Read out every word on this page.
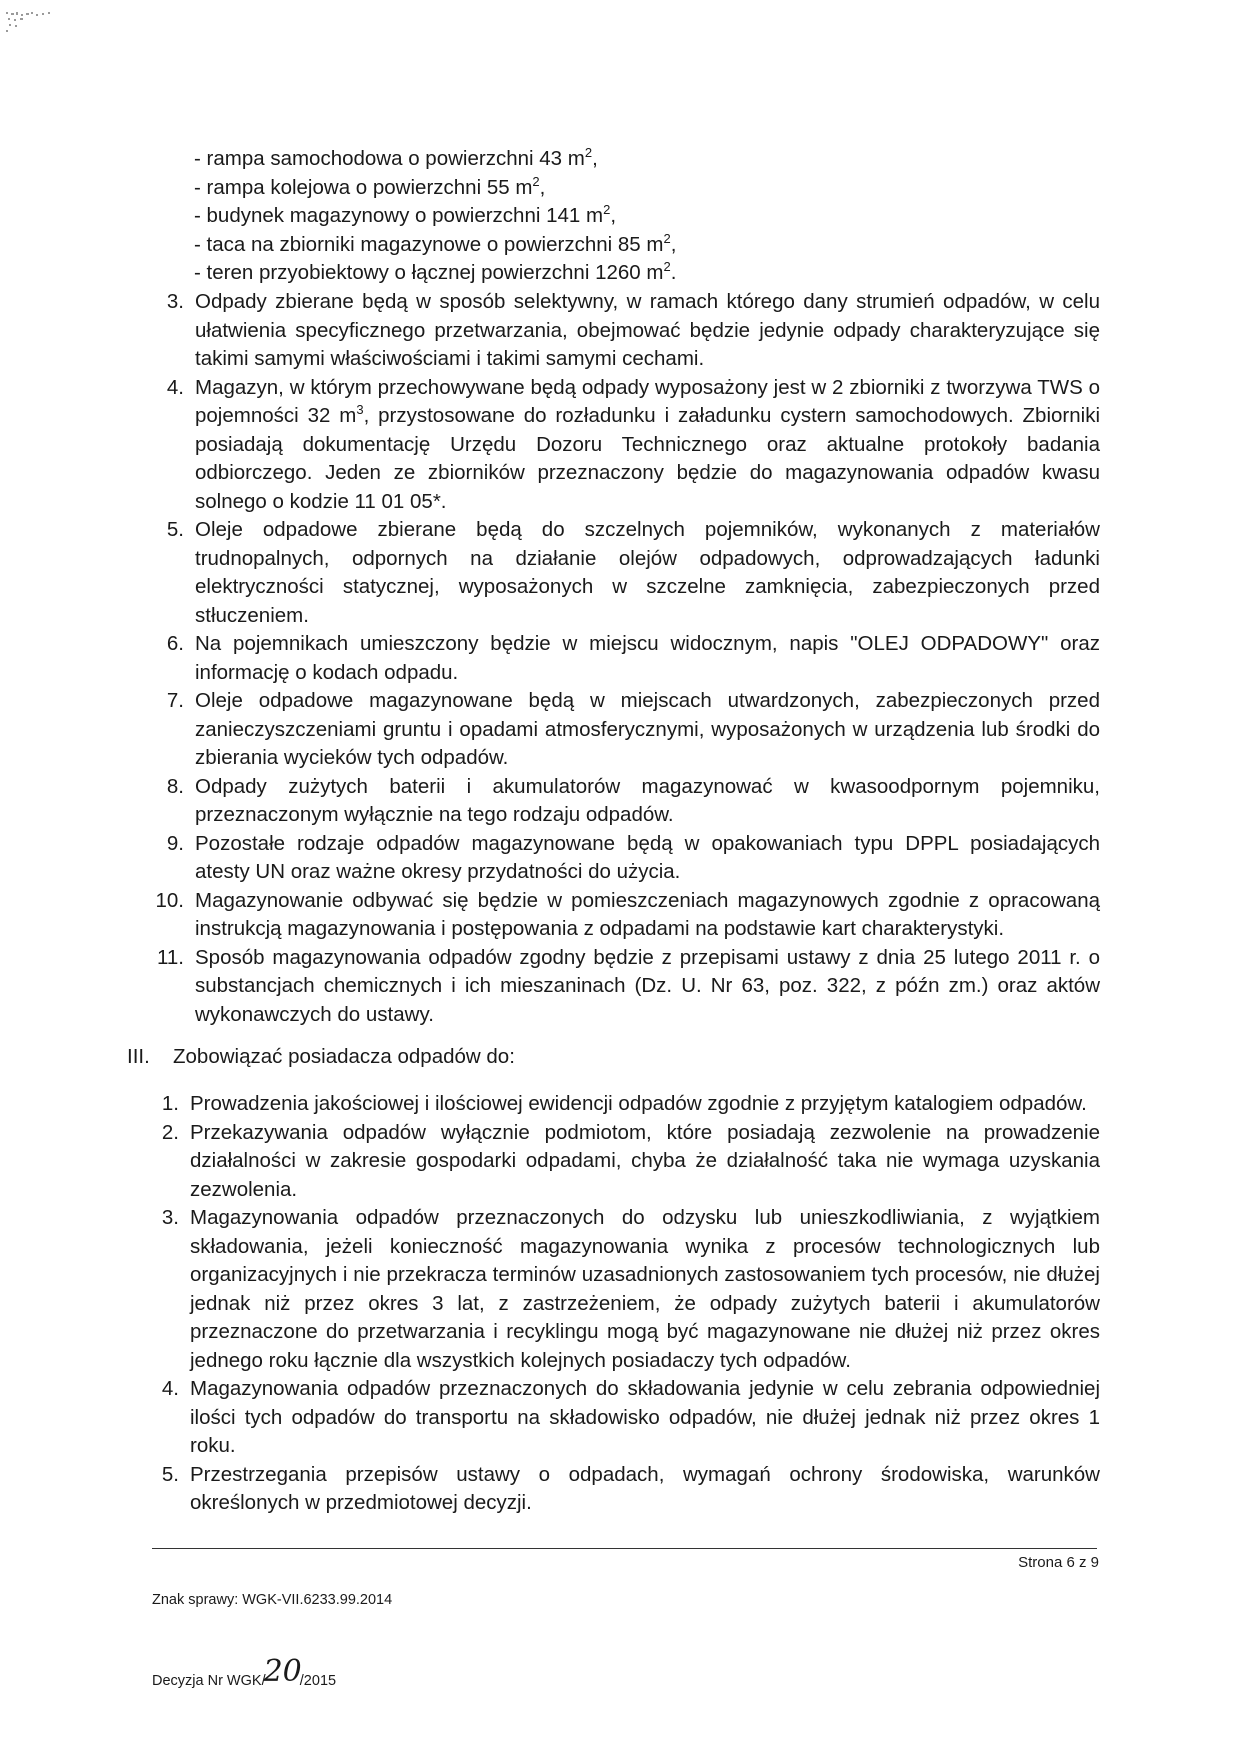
- rampa samochodowa o powierzchni 43 $m^2$,
- rampa kolejowa o powierzchni 55 $m^2$,
- budynek magazynowy o powierzchni 141 $m^2$,
- taca na zbiorniki magazynowe o powierzchni 85 $m^2$,
- teren przyobiektowy o łącznej powierzchni 1260 $m^2$.
3. Odpady zbierane będą w sposób selektywny, w ramach którego dany strumień odpadów, w celu ułatwienia specyficznego przetwarzania, obejmować będzie jedynie odpady charakteryzujące się takimi samymi właściwościami i takimi samymi cechami.
4. Magazyn, w którym przechowywane będą odpady wyposażony jest w 2 zbiorniki z tworzywa TWS o pojemności 32 $m^3$, przystosowane do rozładunku i załadunku cystern samochodowych. Zbiorniki posiadają dokumentację Urzędu Dozoru Technicznego oraz aktualne protokoły badania odbiorczego. Jeden ze zbiorników przeznaczony będzie do magazynowania odpadów kwasu solnego o kodzie 11 01 05*.
5. Oleje odpadowe zbierane będą do szczelnych pojemników, wykonanych z materiałów trudnopalnych, odpornych na działanie olejów odpadowych, odprowadzających ładunki elektryczności statycznej, wyposażonych w szczelne zamknięcia, zabezpieczonych przed stłuczeniem.
6. Na pojemnikach umieszczony będzie w miejscu widocznym, napis "OLEJ ODPADOWY" oraz informację o kodach odpadu.
7. Oleje odpadowe magazynowane będą w miejscach utwardzonych, zabezpieczonych przed zanieczyszczeniami gruntu i opadami atmosferycznymi, wyposażonych w urządzenia lub środki do zbierania wycieków tych odpadów.
8. Odpady zużytych baterii i akumulatorów magazynować w kwasoodpornym pojemniku, przeznaczonym wyłącznie na tego rodzaju odpadów.
9. Pozostałe rodzaje odpadów magazynowane będą w opakowaniach typu DPPL posiadających atesty UN oraz ważne okresy przydatności do użycia.
10. Magazynowanie odbywać się będzie w pomieszczeniach magazynowych zgodnie z opracowaną instrukcją magazynowania i postępowania z odpadami na podstawie kart charakterystyki.
11. Sposób magazynowania odpadów zgodny będzie z przepisami ustawy z dnia 25 lutego 2011 r. o substancjach chemicznych i ich mieszaninach (Dz. U. Nr 63, poz. 322, z późn zm.) oraz aktów wykonawczych do ustawy.
III. Zobowiązać posiadacza odpadów do:
1. Prowadzenia jakościowej i ilościowej ewidencji odpadów zgodnie z przyjętym katalogiem odpadów.
2. Przekazywania odpadów wyłącznie podmiotom, które posiadają zezwolenie na prowadzenie działalności w zakresie gospodarki odpadami, chyba że działalność taka nie wymaga uzyskania zezwolenia.
3. Magazynowania odpadów przeznaczonych do odzysku lub unieszkodliwiania, z wyjątkiem składowania, jeżeli konieczność magazynowania wynika z procesów technologicznych lub organizacyjnych i nie przekracza terminów uzasadnionych zastosowaniem tych procesów, nie dłużej jednak niż przez okres 3 lat, z zastrzeżeniem, że odpady zużytych baterii i akumulatorów przeznaczone do przetwarzania i recyklingu mogą być magazynowane nie dłużej niż przez okres jednego roku łącznie dla wszystkich kolejnych posiadaczy tych odpadów.
4. Magazynowania odpadów przeznaczonych do składowania jedynie w celu zebrania odpowiedniej ilości tych odpadów do transportu na składowisko odpadów, nie dłużej jednak niż przez okres 1 roku.
5. Przestrzegania przepisów ustawy o odpadach, wymagań ochrony środowiska, warunków określonych w przedmiotowej decyzji.
Strona 6 z 9
Znak sprawy: WGK-VII.6233.99.2014
Decyzja Nr WGK/20/2015
